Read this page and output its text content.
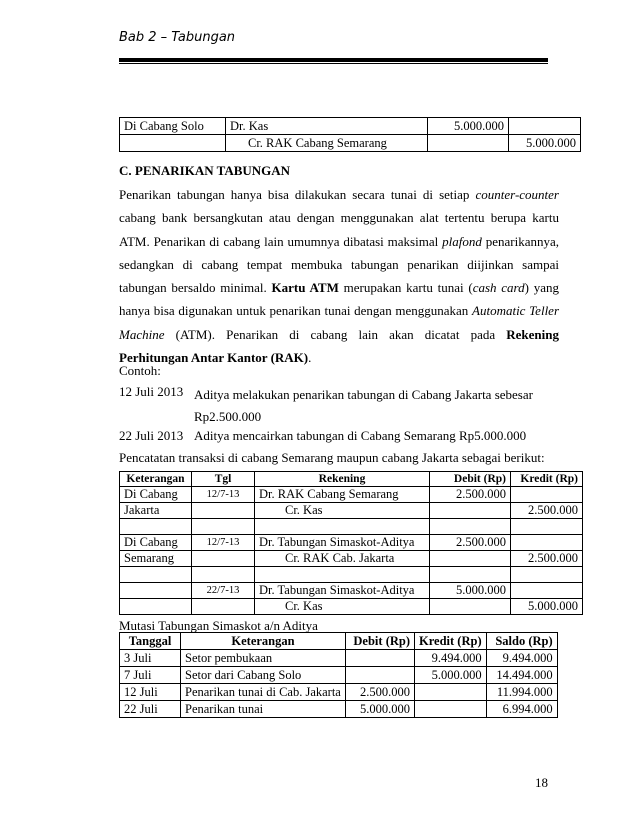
Bab 2 – Tabungan
Di Cabang Solo	Dr. Kas	5.000.000	
	Cr. RAK Cabang Semarang		5.000.000
C. PENARIKAN TABUNGAN
Penarikan tabungan hanya bisa dilakukan secara tunai di setiap counter-counter cabang bank bersangkutan atau dengan menggunakan alat tertentu berupa kartu ATM. Penarikan di cabang lain umumnya dibatasi maksimal plafond penarikannya, sedangkan di cabang tempat membuka tabungan penarikan diijinkan sampai tabungan bersaldo minimal. Kartu ATM merupakan kartu tunai (cash card) yang hanya bisa digunakan untuk penarikan tunai dengan menggunakan Automatic Teller Machine (ATM). Penarikan di cabang lain akan dicatat pada Rekening Perhitungan Antar Kantor (RAK).
Contoh:
12 Juli 2013 Aditya melakukan penarikan tabungan di Cabang Jakarta sebesar Rp2.500.000
22 Juli 2013 Aditya mencairkan tabungan di Cabang Semarang Rp5.000.000
Pencatatan transaksi di cabang Semarang maupun cabang Jakarta sebagai berikut:
Keterangan	Tgl	Rekening	Debit (Rp)	Kredit (Rp)
Di Cabang	12/7-13	Dr. RAK Cabang Semarang	2.500.000	
Jakarta		Cr. Kas		2.500.000

Di Cabang	12/7-13	Dr. Tabungan Simaskot-Aditya	2.500.000	
Semarang		Cr. RAK Cab. Jakarta		2.500.000

	22/7-13	Dr. Tabungan Simaskot-Aditya	5.000.000	
		Cr. Kas		5.000.000
Mutasi Tabungan Simaskot a/n Aditya
Tanggal	Keterangan	Debit (Rp)	Kredit (Rp)	Saldo (Rp)
3 Juli	Setor pembukaan		9.494.000	9.494.000
7 Juli	Setor dari Cabang Solo		5.000.000	14.494.000
12 Juli	Penarikan tunai di Cab. Jakarta	2.500.000		11.994.000
22 Juli	Penarikan tunai	5.000.000		6.994.000
18
